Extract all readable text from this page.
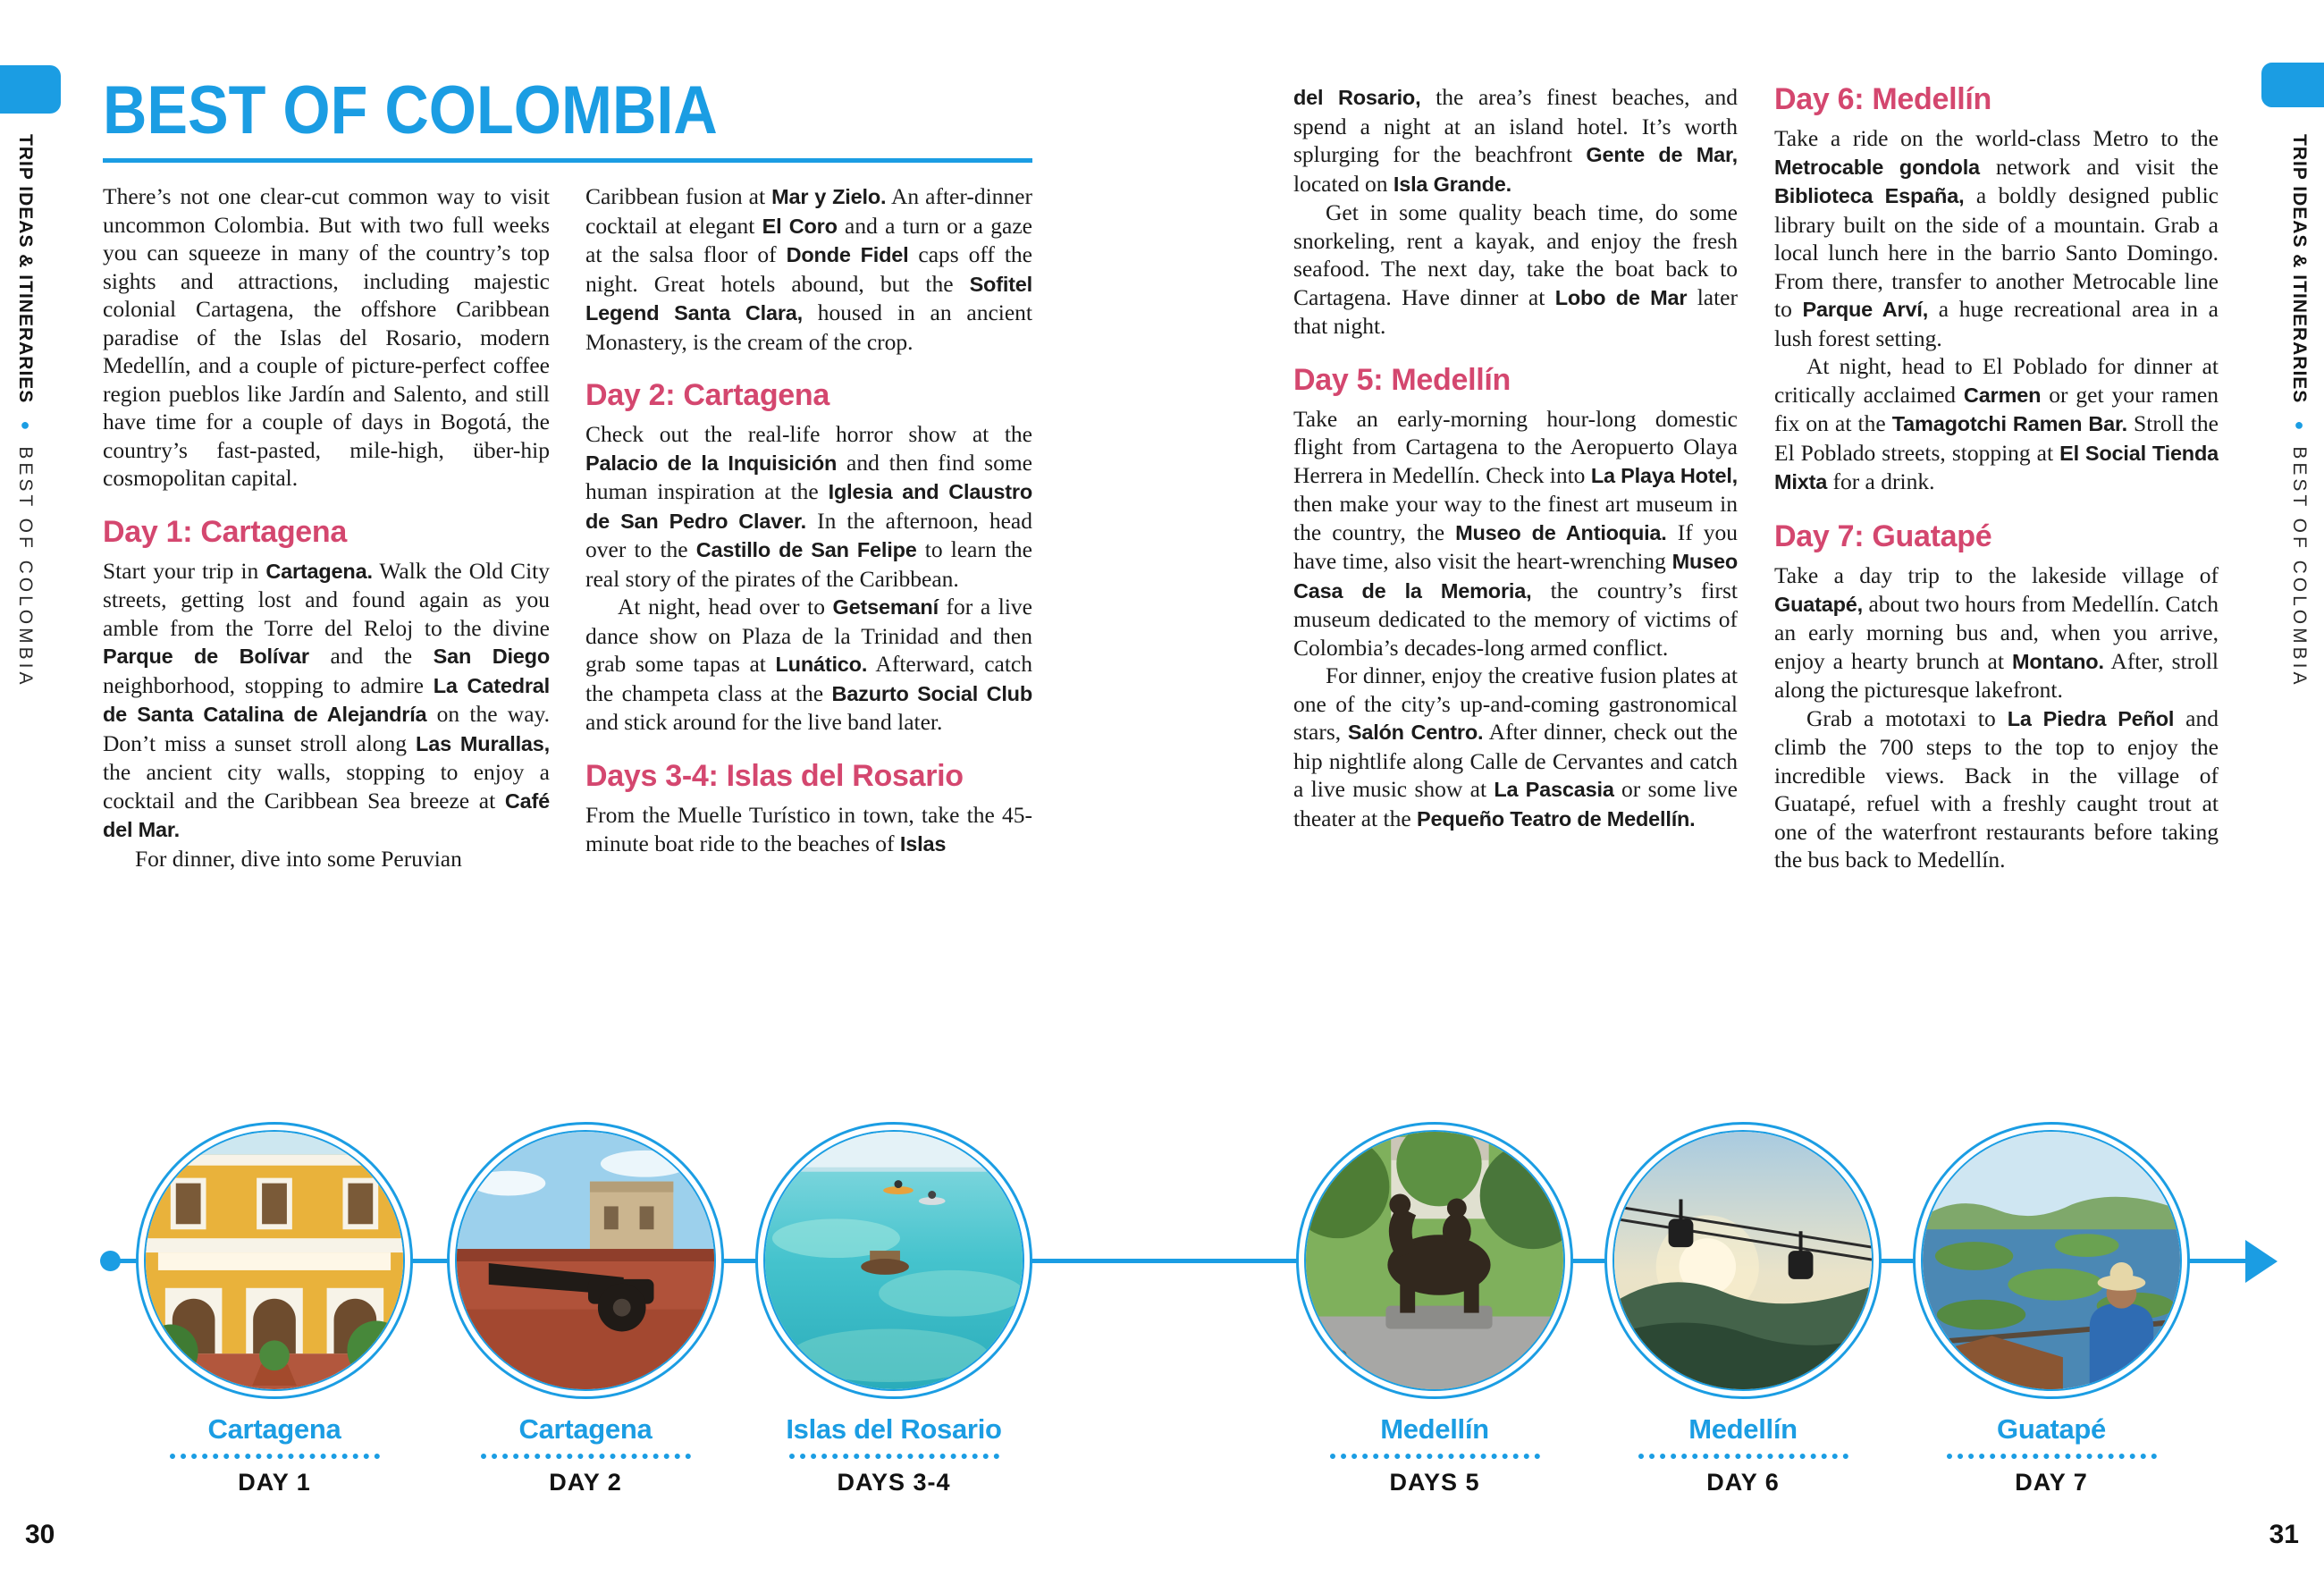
TRIP IDEAS & ITINERARIES●BEST OF COLOMBIA
TRIP IDEAS & ITINERARIES●BEST OF COLOMBIA
BEST OF COLOMBIA

There’s not one clear-cut common way to visit uncommon Colombia. But with two full weeks you can squeeze in many of the country’s top sights and attractions, including majestic colonial Cartagena, the offshore Caribbean paradise of the Islas del Rosario, modern Medellín, and a couple of picture-perfect coffee region pueblos like Jardín and Salento, and still have time for a couple of days in Bogotá, the country’s fast-pasted, mile-high, über-hip cosmopolitan capital.

Day 1: Cartagena

Start your trip in Cartagena. Walk the Old City streets, getting lost and found again as you amble from the Torre del Reloj to the divine Parque de Bolívar and the San Diego neighborhood, stopping to admire La Catedral de Santa Catalina de Alejandría on the way. Don’t miss a sunset stroll along Las Murallas, the ancient city walls, stopping to enjoy a cocktail and the Caribbean Sea breeze at Café del Mar.

For dinner, dive into some Peruvian

Caribbean fusion at Mar y Zielo. An after-dinner cocktail at elegant El Coro and a turn or a gaze at the salsa floor of Donde Fidel caps off the night. Great hotels abound, but the Sofitel Legend Santa Clara, housed in an ancient Monastery, is the cream of the crop.

Day 2: Cartagena

Check out the real-life horror show at the Palacio de la Inquisición and then find some human inspiration at the Iglesia and Claustro de San Pedro Claver. In the afternoon, head over to the Castillo de San Felipe to learn the real story of the pirates of the Caribbean.

At night, head over to Getsemaní for a live dance show on Plaza de la Trinidad and then grab some tapas at Lunático. Afterward, catch the champeta class at the Bazurto Social Club and stick around for the live band later.

Days 3-4: Islas del Rosario

From the Muelle Turístico in town, take the 45-minute boat ride to the beaches of Islas

del Rosario, the area’s finest beaches, and spend a night at an island hotel. It’s worth splurging for the beachfront Gente de Mar, located on Isla Grande.

Get in some quality beach time, do some snorkeling, rent a kayak, and enjoy the fresh seafood. The next day, take the boat back to Cartagena. Have dinner at Lobo de Mar later that night.

Day 5: Medellín

Take an early-morning hour-long domestic flight from Cartagena to the Aeropuerto Olaya Herrera in Medellín. Check into La Playa Hotel, then make your way to the finest art museum in the country, the Museo de Antioquia. If you have time, also visit the heart-wrenching Museo Casa de la Memoria, the country’s first museum dedicated to the memory of victims of Colombia’s decades-long armed conflict.

For dinner, enjoy the creative fusion plates at one of the city’s up-and-coming gastronomical stars, Salón Centro. After dinner, check out the hip nightlife along Calle de Cervantes and catch a live music show at La Pascasia or some live theater at the Pequeño Teatro de Medellín.

Day 6: Medellín

Take a ride on the world-class Metro to the Metrocable gondola network and visit the Biblioteca España, a boldly designed public library built on the side of a mountain. Grab a local lunch here in the barrio Santo Domingo. From there, transfer to another Metrocable line to Parque Arví, a huge recreational area in a lush forest setting.

At night, head to El Poblado for dinner at critically acclaimed Carmen or get your ramen fix on at the Tamagotchi Ramen Bar. Stroll the El Poblado streets, stopping at El Social Tienda Mixta for a drink.

Day 7: Guatapé

Take a day trip to the lakeside village of Guatapé, about two hours from Medellín. Catch an early morning bus and, when you arrive, enjoy a hearty brunch at Montano. After, stroll along the picturesque lakefront.

Grab a mototaxi to La Piedra Peñol and climb the 700 steps to the top to enjoy the incredible views. Back in the village of Guatapé, refuel with a freshly caught trout at one of the waterfront restaurants before taking the bus back to Medellín.

Cartagena
DAY 1
Cartagena
DAY 2
Islas del Rosario
DAYS 3-4
Medellín
DAYS 5
Medellín
DAY 6
Guatapé
DAY 7
30	31
